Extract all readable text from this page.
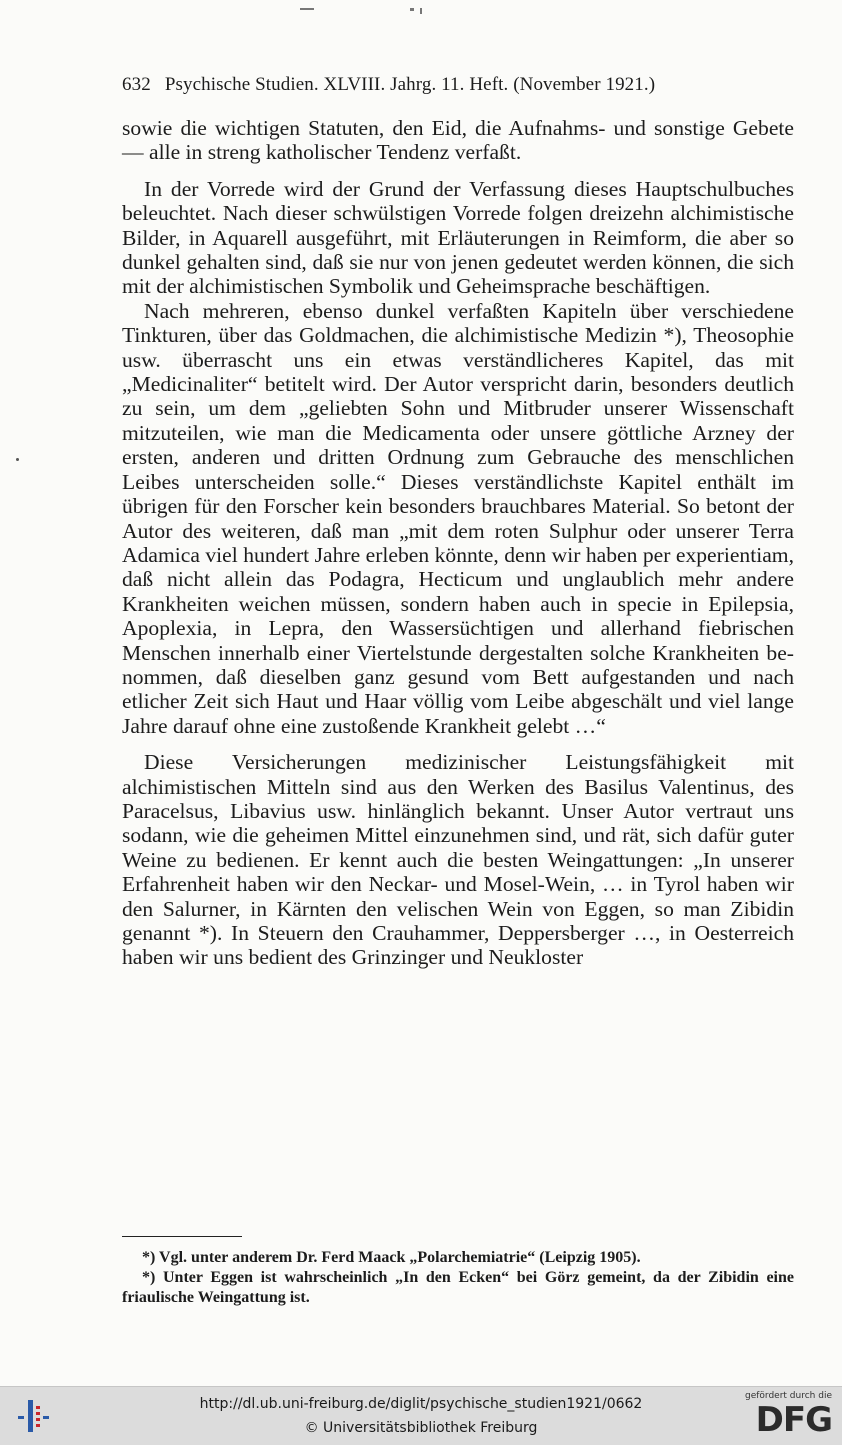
632 Psychische Studien. XLVIII. Jahrg. 11. Heft. (November 1921.)

sowie die wichtigen Statuten, den Eid, die Aufnahms- und sonstige Gebete — alle in streng katholischer Tendenz verfaßt.

In der Vorrede wird der Grund der Verfassung dieses Hauptschulbuches beleuchtet. Nach dieser schwülstigen Vorrede folgen dreizehn alchimistische Bilder, in Aquarell ausgeführt, mit Erläuterungen in Reimform, die aber so dunkel gehalten sind, daß sie nur von jenen gedeutet werden können, die sich mit der alchimistischen Symbolik und Geheimsprache beschäftigen.

Nach mehreren, ebenso dunkel verfaßten Kapiteln über verschiedene Tinkturen, über das Goldmachen, die alchimistische Medizin *), Theosophie usw. überrascht uns ein etwas verständlicheres Kapitel, das mit „Medicinaliter“ betitelt wird. Der Autor verspricht darin, besonders deutlich zu sein, um dem „geliebten Sohn und Mitbruder unserer Wissenschaft mitzuteilen, wie man die Medicamenta oder unsere göttliche Arzney der ersten, anderen und dritten Ordnung zum Gebrauche des menschlichen Leibes unterscheiden solle.“ Dieses verständlichste Kapitel enthält im übrigen für den Forscher kein besonders brauchbares Material. So betont der Autor des weiteren, daß man „mit dem roten Sulphur oder unserer Terra Adamica viel hundert Jahre erleben könnte, denn wir haben per experientiam, daß nicht allein das Podagra, Hecticum und unglaublich mehr andere Krankheiten weichen müssen, sondern haben auch in specie in Epilepsia, Apoplexia, in Lepra, den Wassersüchtigen und allerhand fiebrischen Menschen innerhalb einer Viertelstunde dergestalten solche Krankheiten benommen, daß dieselben ganz gesund vom Bett aufgestanden und nach etlicher Zeit sich Haut und Haar völlig vom Leibe abgeschält und viel lange Jahre darauf ohne eine zustoßende Krankheit gelebt …“

Diese Versicherungen medizinischer Leistungsfähigkeit mit alchimistischen Mitteln sind aus den Werken des Basilus Valentinus, des Paracelsus, Libavius usw. hinlänglich bekannt. Unser Autor vertraut uns sodann, wie die geheimen Mittel einzunehmen sind, und rät, sich dafür guter Weine zu bedienen. Er kennt auch die besten Weingattungen: „In unserer Erfahrenheit haben wir den Neckar- und Mosel-Wein, … in Tyrol haben wir den Salurner, in Kärnten den velischen Wein von Eggen, so man Zibidin genannt *). In Steuern den Crauhammer, Deppersberger …, in Oesterreich haben wir uns bedient des Grinzinger und Neukloster

*) Vgl. unter anderem Dr. Ferd Maack „Polarchemiatrie“ (Leipzig 1905).

*) Unter Eggen ist wahrscheinlich „In den Ecken“ bei Görz gemeint, da der Zibidin eine friaulische Weingattung ist.

http://dl.ub.uni-freiburg.de/diglit/psychische_studien1921/0662
© Universitätsbibliothek Freiburg
gefördert durch die
DFG
